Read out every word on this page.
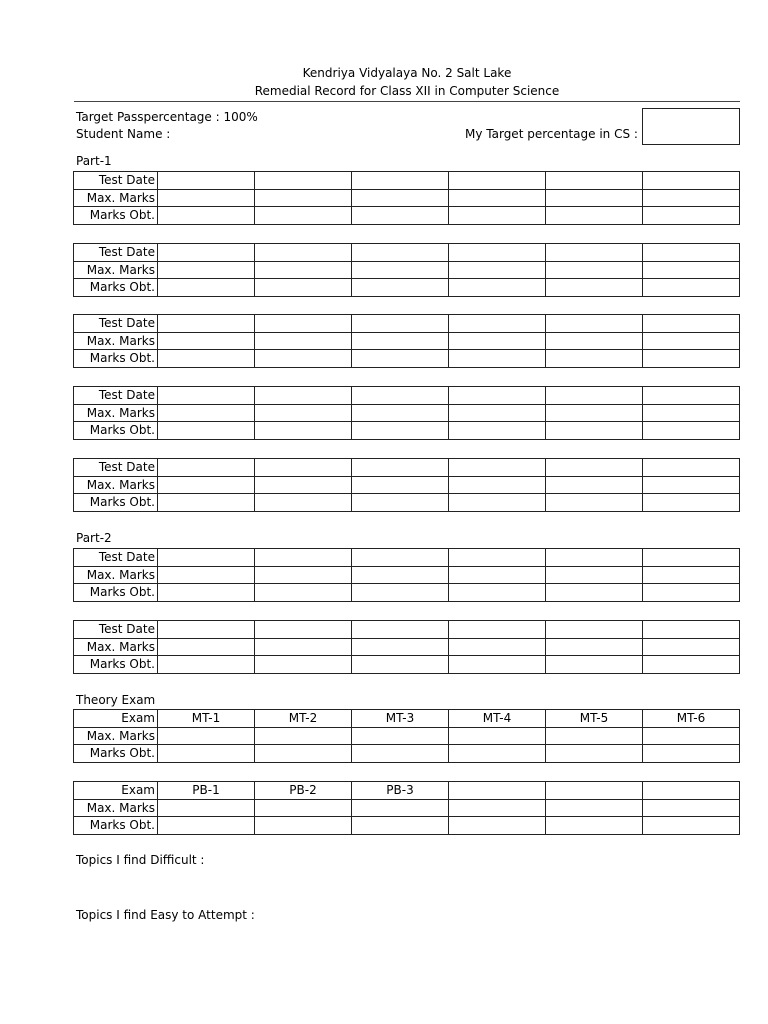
Kendriya Vidyalaya No. 2 Salt Lake
Remedial Record for Class XII in Computer Science
Target Passpercentage : 100%
Student Name :	My Target percentage in CS :
Part-1
Test Date						
Max. Marks						
Marks Obt.						
Test Date						
Max. Marks						
Marks Obt.						
Test Date						
Max. Marks						
Marks Obt.						
Test Date						
Max. Marks						
Marks Obt.						
Test Date						
Max. Marks						
Marks Obt.						
Part-2
Test Date						
Max. Marks						
Marks Obt.						
Test Date						
Max. Marks						
Marks Obt.						
Theory Exam
Exam	MT-1	MT-2	MT-3	MT-4	MT-5	MT-6
Max. Marks						
Marks Obt.						
Exam	PB-1	PB-2	PB-3			
Max. Marks						
Marks Obt.						
Topics I find Difficult :
Topics I find Easy to Attempt :
